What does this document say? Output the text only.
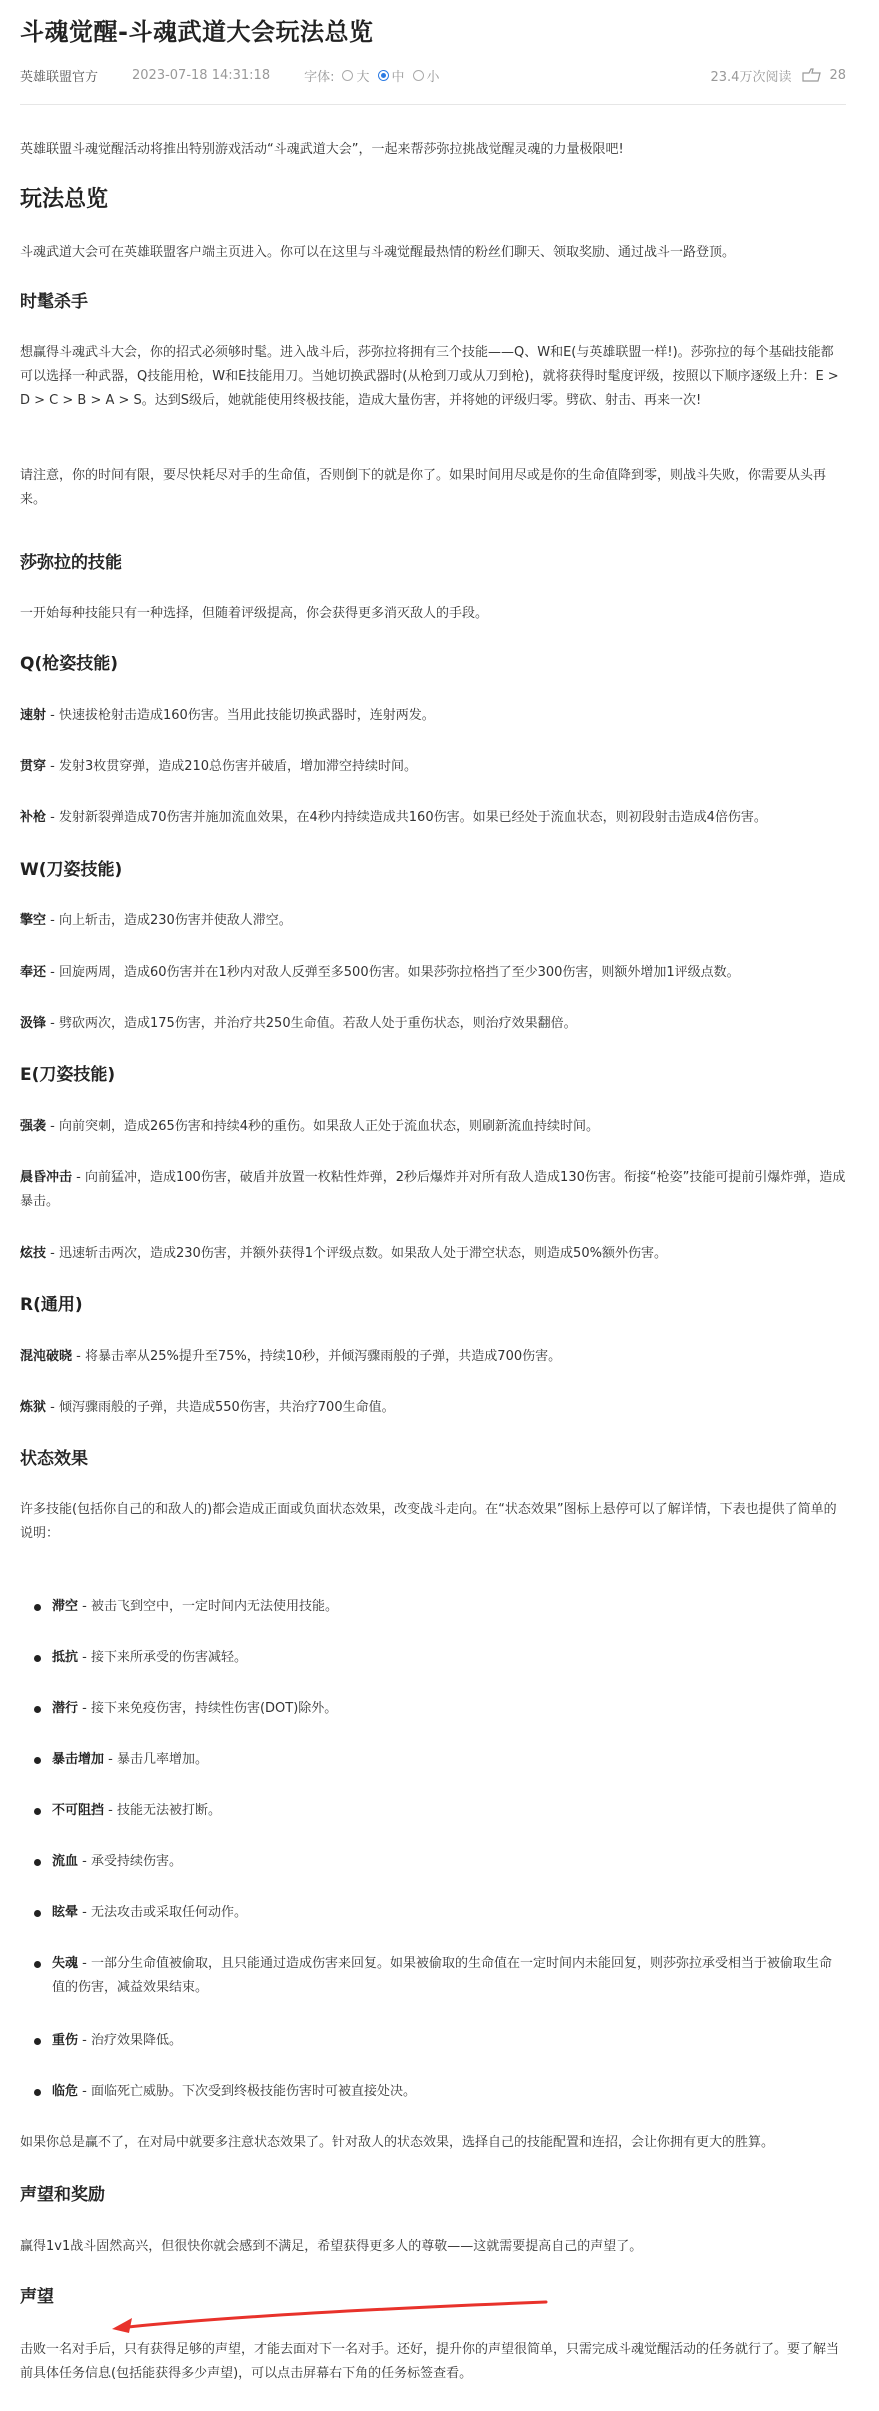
斗魂觉醒-斗魂武道大会玩法总览
英雄联盟官方	2023-07-18 14:31:18	字体: 大 中 小	23.4万次阅读	28

英雄联盟斗魂觉醒活动将推出特别游戏活动“斗魂武道大会”，一起来帮莎弥拉挑战觉醒灵魂的力量极限吧!

玩法总览

斗魂武道大会可在英雄联盟客户端主页进入。你可以在这里与斗魂觉醒最热情的粉丝们聊天、领取奖励、通过战斗一路登顶。

时髦杀手

想赢得斗魂武斗大会，你的招式必须够时髦。进入战斗后，莎弥拉将拥有三个技能——Q、W和E(与英雄联盟一样!)。莎弥拉的每个基础技能都可以选择一种武器，Q技能用枪，W和E技能用刀。当她切换武器时(从枪到刀或从刀到枪)，就将获得时髦度评级，按照以下顺序逐级上升：E > D > C > B > A > S。达到S级后，她就能使用终极技能，造成大量伤害，并将她的评级归零。劈砍、射击、再来一次!

请注意，你的时间有限，要尽快耗尽对手的生命值，否则倒下的就是你了。如果时间用尽或是你的生命值降到零，则战斗失败，你需要从头再来。

莎弥拉的技能

一开始每种技能只有一种选择，但随着评级提高，你会获得更多消灭敌人的手段。

Q(枪姿技能)

速射 - 快速拔枪射击造成160伤害。当用此技能切换武器时，连射两发。

贯穿 - 发射3枚贯穿弹，造成210总伤害并破盾，增加滞空持续时间。

补枪 - 发射新裂弹造成70伤害并施加流血效果，在4秒内持续造成共160伤害。如果已经处于流血状态，则初段射击造成4倍伤害。

W(刀姿技能)

擎空 - 向上斩击，造成230伤害并使敌人滞空。

奉还 - 回旋两周，造成60伤害并在1秒内对敌人反弹至多500伤害。如果莎弥拉格挡了至少300伤害，则额外增加1评级点数。

汲锋 - 劈砍两次，造成175伤害，并治疗共250生命值。若敌人处于重伤状态，则治疗效果翻倍。

E(刀姿技能)

强袭 - 向前突刺，造成265伤害和持续4秒的重伤。如果敌人正处于流血状态，则刷新流血持续时间。

晨昏冲击 - 向前猛冲，造成100伤害，破盾并放置一枚粘性炸弹，2秒后爆炸并对所有敌人造成130伤害。衔接“枪姿”技能可提前引爆炸弹，造成暴击。

炫技 - 迅速斩击两次，造成230伤害，并额外获得1个评级点数。如果敌人处于滞空状态，则造成50%额外伤害。

R(通用)

混沌破晓 - 将暴击率从25%提升至75%，持续10秒，并倾泻骤雨般的子弹，共造成700伤害。

炼狱 - 倾泻骤雨般的子弹，共造成550伤害，共治疗700生命值。

状态效果

许多技能(包括你自己的和敌人的)都会造成正面或负面状态效果，改变战斗走向。在“状态效果”图标上悬停可以了解详情，下表也提供了简单的说明：

滞空 - 被击飞到空中，一定时间内无法使用技能。
抵抗 - 接下来所承受的伤害减轻。
潜行 - 接下来免疫伤害，持续性伤害(DOT)除外。
暴击增加 - 暴击几率增加。
不可阻挡 - 技能无法被打断。
流血 - 承受持续伤害。
眩晕 - 无法攻击或采取任何动作。
失魂 - 一部分生命值被偷取，且只能通过造成伤害来回复。如果被偷取的生命值在一定时间内未能回复，则莎弥拉承受相当于被偷取生命值的伤害，减益效果结束。
重伤 - 治疗效果降低。
临危 - 面临死亡威胁。下次受到终极技能伤害时可被直接处决。

如果你总是赢不了，在对局中就要多注意状态效果了。针对敌人的状态效果，选择自己的技能配置和连招，会让你拥有更大的胜算。

声望和奖励

赢得1v1战斗固然高兴，但很快你就会感到不满足，希望获得更多人的尊敬——这就需要提高自己的声望了。

声望

击败一名对手后，只有获得足够的声望，才能去面对下一名对手。还好，提升你的声望很简单，只需完成斗魂觉醒活动的任务就行了。要了解当前具体任务信息(包括能获得多少声望)，可以点击屏幕右下角的任务标签查看。
